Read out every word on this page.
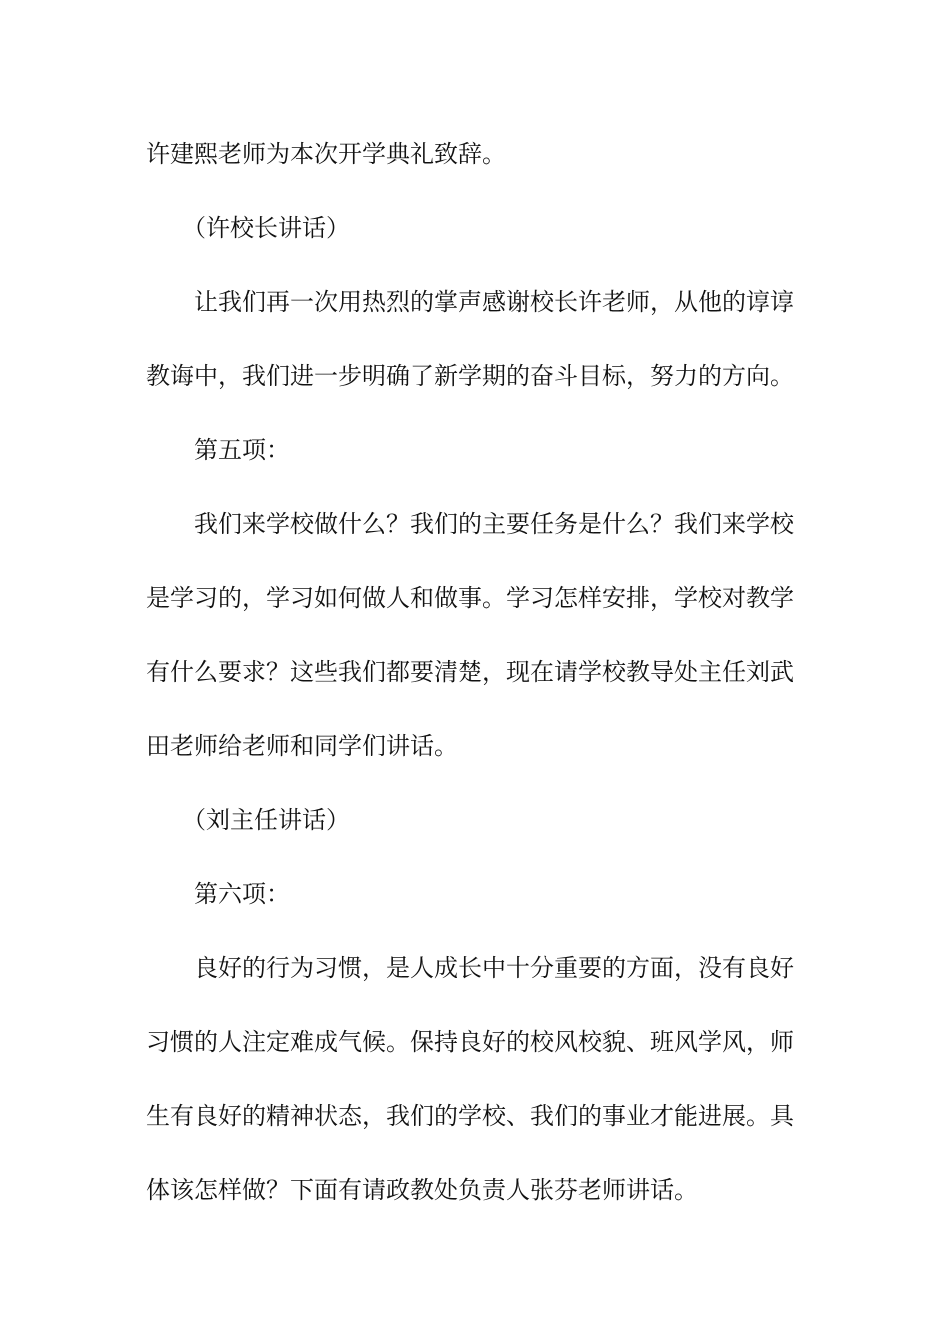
许建熙老师为本次开学典礼致辞。
（许校长讲话）
让我们再一次用热烈的掌声感谢校长许老师，从他的谆谆
教诲中，我们进一步明确了新学期的奋斗目标，努力的方向。
第五项：
我们来学校做什么？我们的主要任务是什么？我们来学校
是学习的，学习如何做人和做事。学习怎样安排，学校对教学
有什么要求？这些我们都要清楚，现在请学校教导处主任刘武
田老师给老师和同学们讲话。
（刘主任讲话）
第六项：
良好的行为习惯，是人成长中十分重要的方面，没有良好
习惯的人注定难成气候。保持良好的校风校貌、班风学风，师
生有良好的精神状态，我们的学校、我们的事业才能进展。具
体该怎样做？下面有请政教处负责人张芬老师讲话。
